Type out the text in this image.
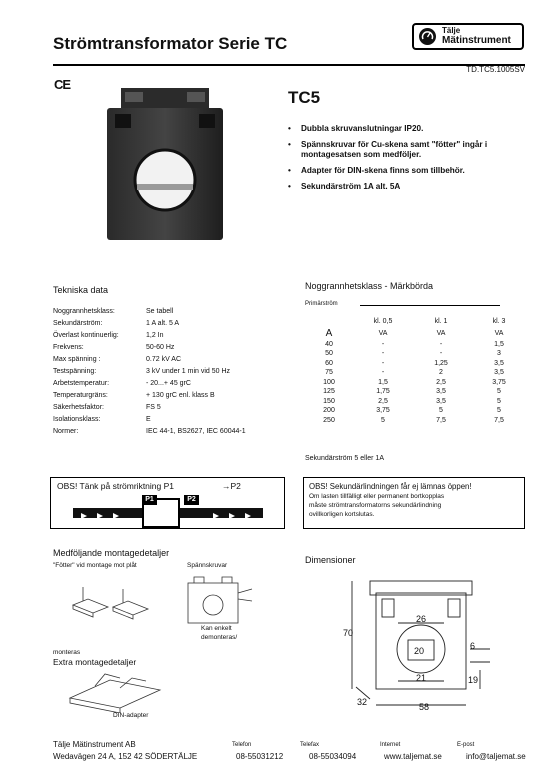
Strömtransformator Serie TC
Tälje
Mätinstrument
TD.TC5.1005SV
CE
TC5
• Dubbla skruvanslutningar IP20.
• Spännskruvar för Cu-skena samt "fötter" ingår i montagesatsen som medföljer.
• Adapter för DIN-skena finns som tillbehör.
• Sekundärström 1A alt. 5A
Tekniska data
Noggrannhetsklass:	Se tabell
Sekundärström:	1 A alt. 5 A
Överlast kontinuerlig:	1,2 In
Frekvens:	50-60 Hz
Max spänning :	0.72 kV AC
Testspänning:	3 kV under 1 min vid 50 Hz
Arbetstemperatur:	- 20...+ 45 grC
Temperaturgräns:	+ 130 grC enl. klass B
Säkerhetsfaktor:	FS 5
Isolationsklass:	E
Normer:	IEC 44-1, BS2627, IEC 60044-1
Noggrannhetsklass - Märkbörda
Primärström
	kl. 0,5	kl. 1	kl. 3
A	VA	VA	VA
40	-	-	1,5
50	-	-	3
60	-	1,25	3,5
75	-	2	3,5
100	1,5	2,5	3,75
125	1,75	3,5	5
150	2,5	3,5	5
200	3,75	5	5
250	5	7,5	7,5
Sekundärström 5 eller 1A
OBS! Tänk på strömriktning P1	→P2
P1	P2
OBS! Sekundärlindningen får ej lämnas öppen!
Om lasten tillfälligt eller permanent bortkopplas
måste strömtransformatorns sekundärlindning
ovillkorligen kortslutas.
Medföljande montagedetaljer
"Fötter" vid montage mot plåt	Spännskruvar
Kan enkelt
demonteras/
monteras
Extra montagedetaljer
DIN-adapter
Dimensioner
70
26
20	6
21	19
32	58
Tälje Mätinstrument AB
Wedavägen 24 A, 152 42 SÖDERTÄLJE
Telefon
08-55031212
Telefax
08-55034094
Internet
www.taljemat.se
E-post
info@taljemat.se
